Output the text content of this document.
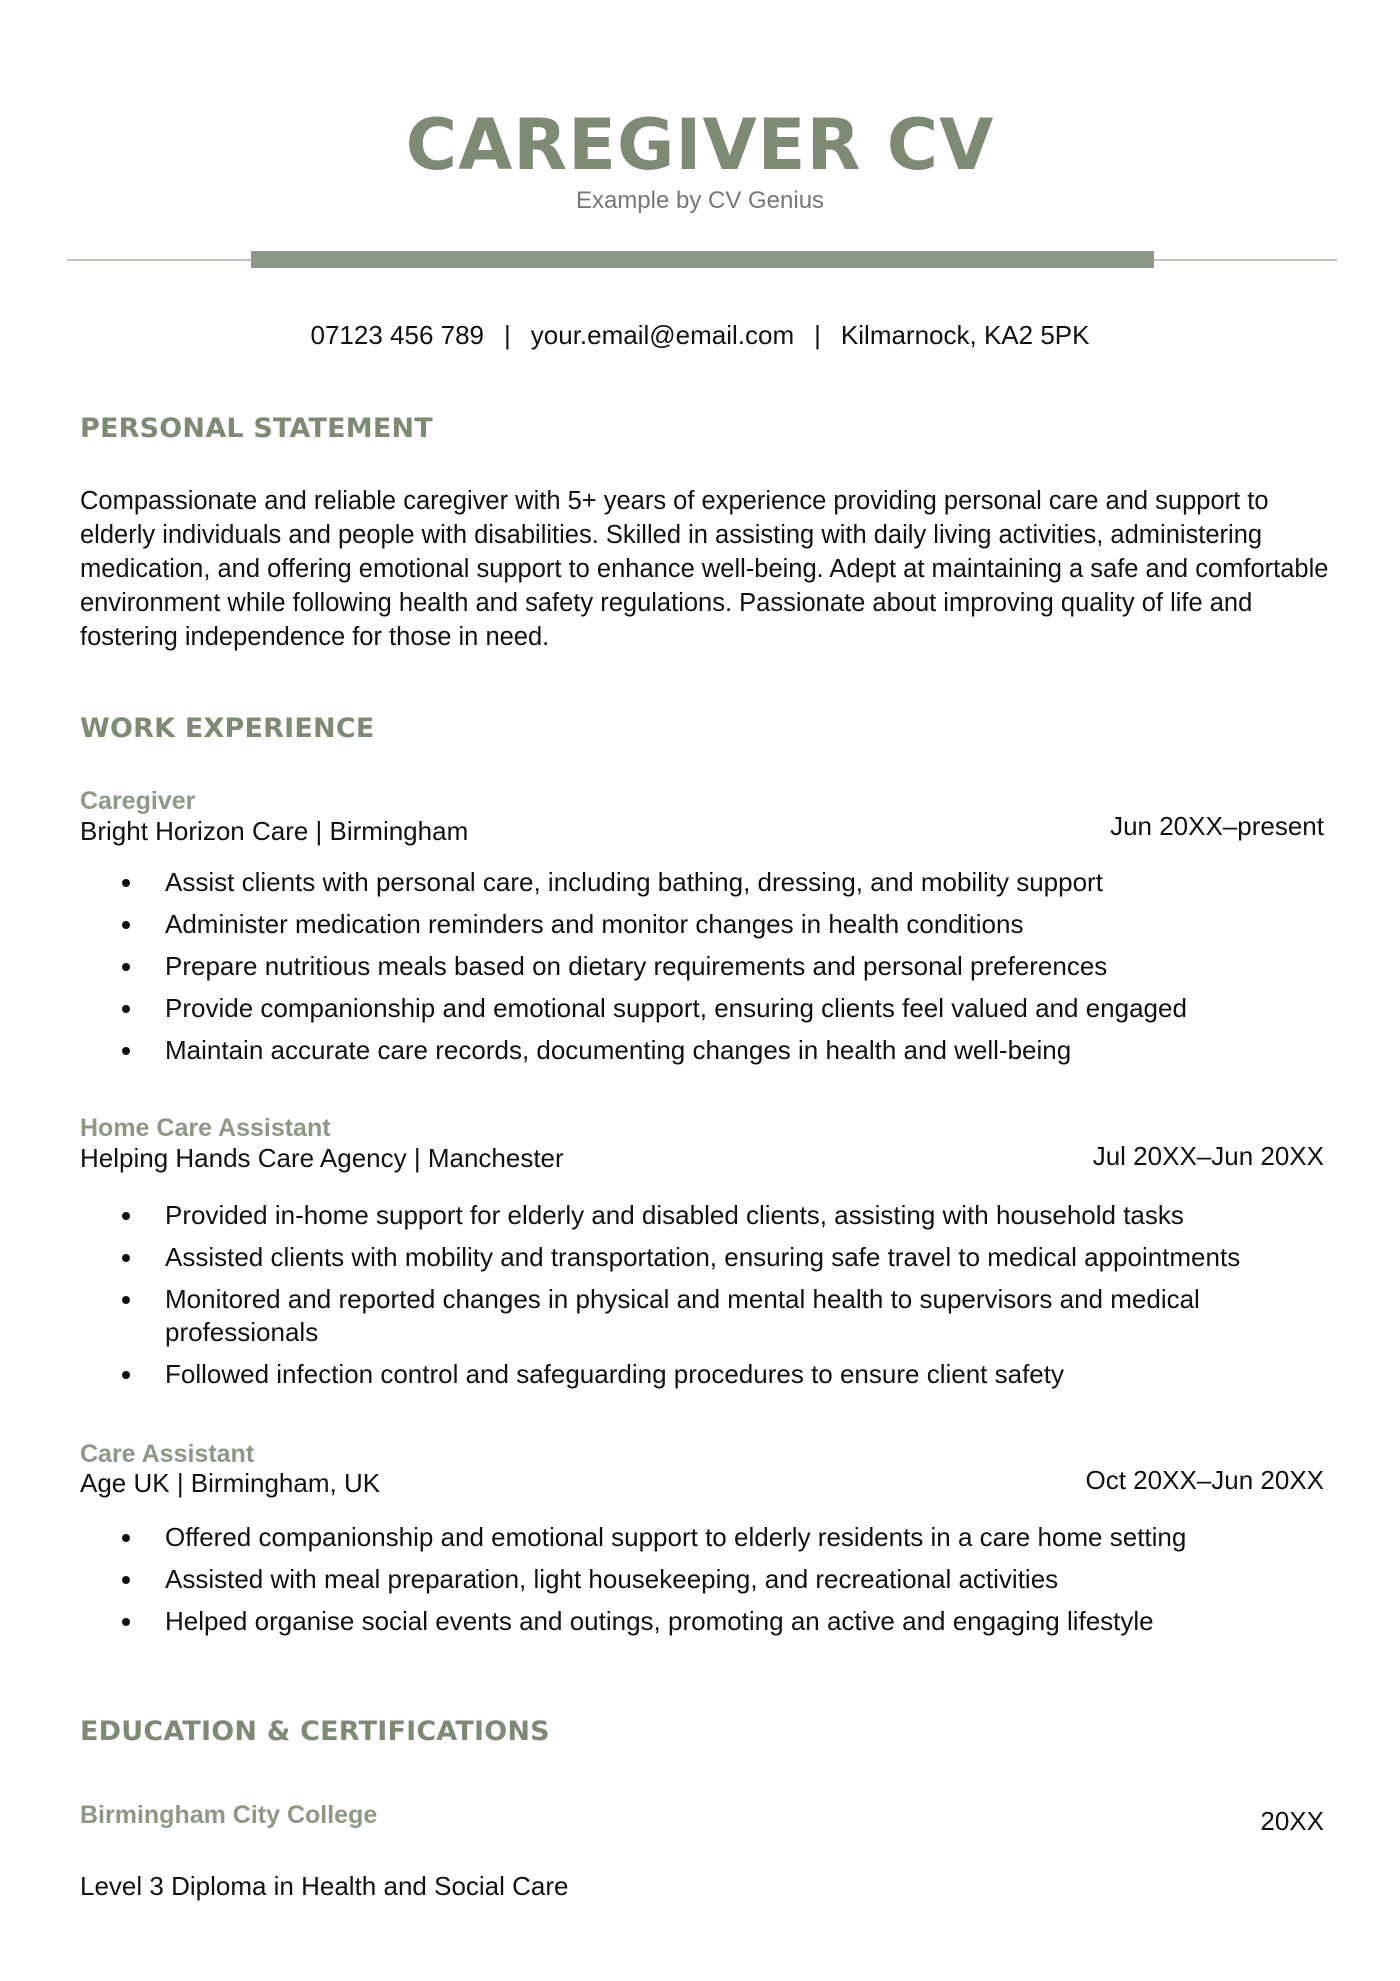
CAREGIVER CV
Example by CV Genius
07123 456 789 | your.email@email.com | Kilmarnock, KA2 5PK
PERSONAL STATEMENT
Compassionate and reliable caregiver with 5+ years of experience providing personal care and support to elderly individuals and people with disabilities. Skilled in assisting with daily living activities, administering medication, and offering emotional support to enhance well-being. Adept at maintaining a safe and comfortable environment while following health and safety regulations. Passionate about improving quality of life and fostering independence for those in need.
WORK EXPERIENCE
Caregiver
Bright Horizon Care | Birmingham	Jun 20XX–present
Assist clients with personal care, including bathing, dressing, and mobility support
Administer medication reminders and monitor changes in health conditions
Prepare nutritious meals based on dietary requirements and personal preferences
Provide companionship and emotional support, ensuring clients feel valued and engaged
Maintain accurate care records, documenting changes in health and well-being
Home Care Assistant
Helping Hands Care Agency | Manchester	Jul 20XX–Jun 20XX
Provided in-home support for elderly and disabled clients, assisting with household tasks
Assisted clients with mobility and transportation, ensuring safe travel to medical appointments
Monitored and reported changes in physical and mental health to supervisors and medical professionals
Followed infection control and safeguarding procedures to ensure client safety
Care Assistant
Age UK | Birmingham, UK	Oct 20XX–Jun 20XX
Offered companionship and emotional support to elderly residents in a care home setting
Assisted with meal preparation, light housekeeping, and recreational activities
Helped organise social events and outings, promoting an active and engaging lifestyle
EDUCATION & CERTIFICATIONS
Birmingham City College	20XX
Level 3 Diploma in Health and Social Care
